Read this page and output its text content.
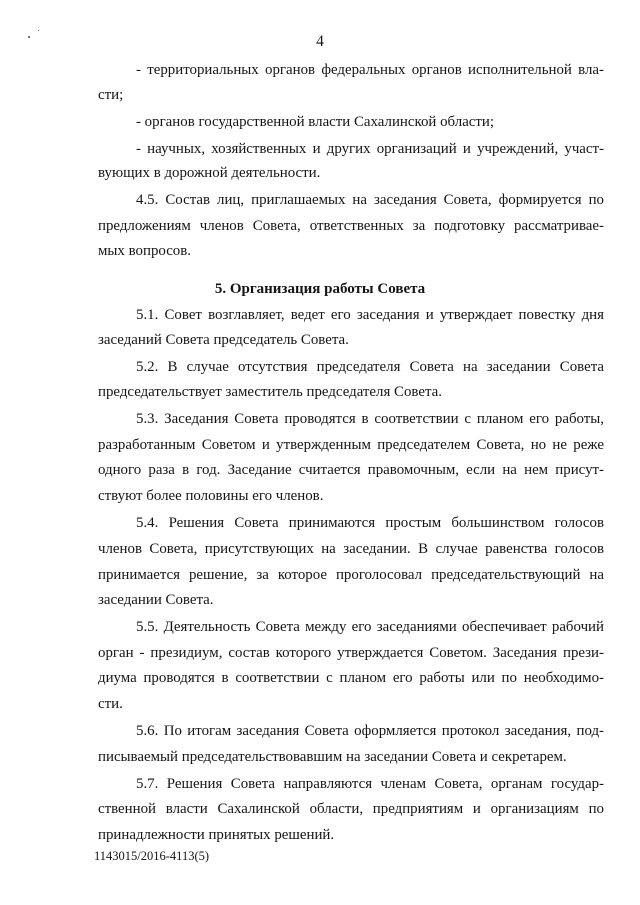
4
- территориальных органов федеральных органов исполнительной вла-
сти;
- органов государственной власти Сахалинской области;
- научных, хозяйственных и других организаций и учреждений, участ-
вующих в дорожной деятельности.
4.5. Состав лиц, приглашаемых на заседания Совета, формируется по
предложениям членов Совета, ответственных за подготовку рассматривае-
мых вопросов.
5. Организация работы Совета
5.1. Совет возглавляет, ведет его заседания и утверждает повестку дня
заседаний Совета председатель Совета.
5.2. В случае отсутствия председателя Совета на заседании Совета
председательствует заместитель председателя Совета.
5.3. Заседания Совета проводятся в соответствии с планом его работы,
разработанным Советом и утвержденным председателем Совета, но не реже
одного раза в год. Заседание считается правомочным, если на нем присут-
ствуют более половины его членов.
5.4. Решения Совета принимаются простым большинством голосов
членов Совета, присутствующих на заседании. В случае равенства голосов
принимается решение, за которое проголосовал председательствующий на
заседании Совета.
5.5. Деятельность Совета между его заседаниями обеспечивает рабочий
орган - президиум, состав которого утверждается Советом. Заседания прези-
диума проводятся в соответствии с планом его работы или по необходимо-
сти.
5.6. По итогам заседания Совета оформляется протокол заседания, под-
писываемый председательствовавшим на заседании Совета и секретарем.
5.7. Решения Совета направляются членам Совета, органам государ-
ственной власти Сахалинской области, предприятиям и организациям по
принадлежности принятых решений.
1143015/2016-4113(5)
